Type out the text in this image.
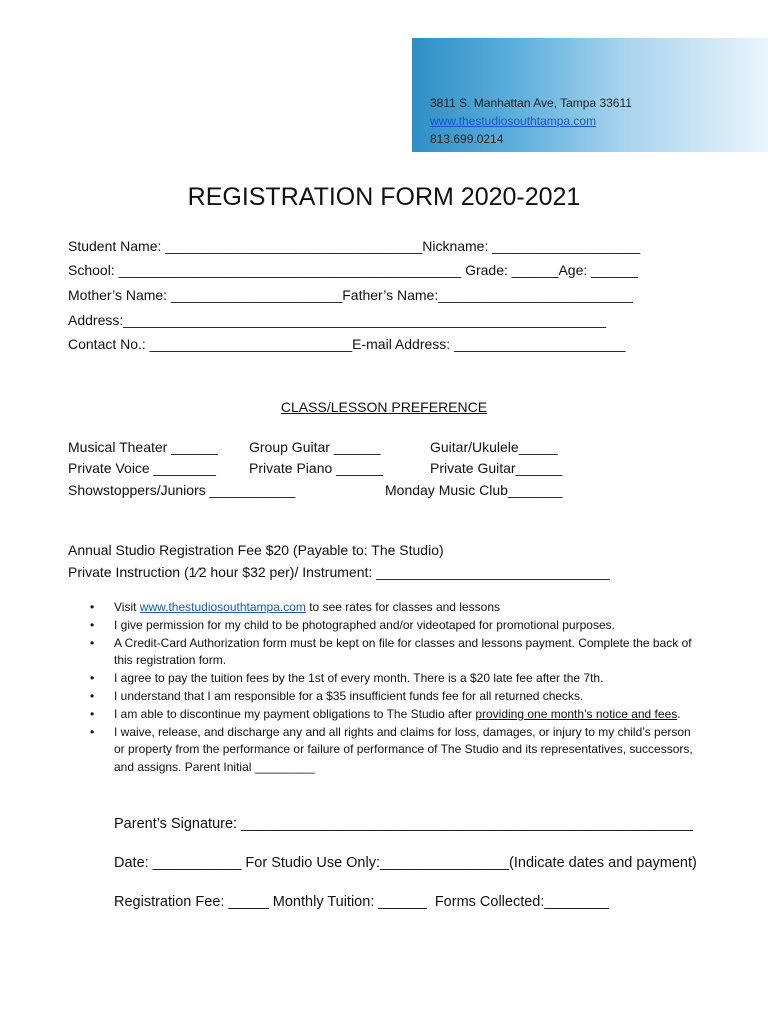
3811 S. Manhattan Ave, Tampa 33611
www.thestudiosouthtampa.com
813.699.0214
REGISTRATION FORM 2020-2021
Student Name: _________________________________Nickname: ___________________
School: ____________________________________________ Grade: ______Age: ______
Mother’s Name: ______________________Father’s Name:_________________________
Address:______________________________________________________________
Contact No.: __________________________E-mail Address: ______________________
CLASS/LESSON PREFERENCE
Musical Theater ______ Group Guitar ______	Guitar/Ukulele_____
Private Voice ________ Private Piano ______	Private Guitar______
Showstoppers/Juniors ___________	Monday Music Club_______
Annual Studio Registration Fee $20 (Payable to: The Studio)
Private Instruction (1⁄2 hour $32 per)/ Instrument: ______________________________
• Visit www.thestudiosouthtampa.com to see rates for classes and lessons
• I give permission for my child to be photographed and/or videotaped for promotional purposes.
• A Credit-Card Authorization form must be kept on file for classes and lessons payment. Complete the back of this registration form.
• I agree to pay the tuition fees by the 1st of every month. There is a $20 late fee after the 7th.
• I understand that I am responsible for a $35 insufficient funds fee for all returned checks.
• I am able to discontinue my payment obligations to The Studio after providing one month’s notice and fees.
• I waive, release, and discharge any and all rights and claims for loss, damages, or injury to my child’s person or property from the performance or failure of performance of The Studio and its representatives, successors, and assigns. Parent Initial _________
Parent’s Signature: ________________________________________________________
Date: ___________ For Studio Use Only:________________(Indicate dates and payment)
Registration Fee: _____ Monthly Tuition: ______  Forms Collected:________
